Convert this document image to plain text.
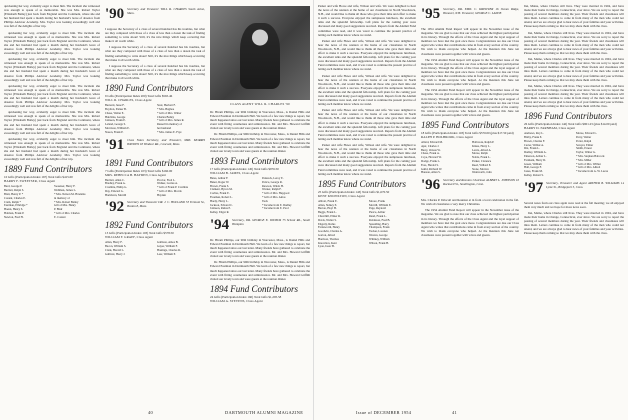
quickening her way, evidently eager to meet him. The incident she witnessed was enough to speak of as memorable. She was Mrs. Robert Taylor (Elizabeth Bailey) just back from England and the Continent, where she and her husband had spent a month during her husband's leave of absence from Phillips Andover Academy. Mrs. Taylor was looking exceedingly well and was full of the delights of her trip.

quickening her way, evidently eager to meet him. The incident she witnessed was enough to speak of as memorable. She was Mrs. Robert Taylor (Elizabeth Bailey) just back from England and the Continent, where she and her husband had spent a month during her husband's leave of absence from Phillips Andover Academy. Mrs. Taylor was looking exceedingly well and was full of the delights of her trip.

quickening her way, evidently eager to meet him. The incident she witnessed was enough to speak of as memorable. She was Mrs. Robert Taylor (Elizabeth Bailey) just back from England and the Continent, where she and her husband had spent a month during her husband's leave of absence from Phillips Andover Academy. Mrs. Taylor was looking exceedingly well and was full of the delights of her trip.

quickening her way, evidently eager to meet him. The incident she witnessed was enough to speak of as memorable. She was Mrs. Robert Taylor (Elizabeth Bailey) just back from England and the Continent, where she and her husband had spent a month during her husband's leave of absence from Phillips Andover Academy. Mrs. Taylor was looking exceedingly well and was full of the delights of her trip.

quickening her way, evidently eager to meet him. The incident she witnessed was enough to speak of as memorable. She was Mrs. Robert Taylor (Elizabeth Bailey) just back from England and the Continent, where she and her husband had spent a month during her husband's leave of absence from Phillips Andover Academy. Mrs. Taylor was looking exceedingly well and was full of the delights of her trip.

quickening her way, evidently eager to meet him. The incident she witnessed was enough to speak of as memorable. She was Mrs. Robert Taylor (Elizabeth Bailey) just back from England and the Continent, where she and her husband had spent a month during her husband's leave of absence from Phillips Andover Academy. Mrs. Taylor was looking exceedingly well and was full of the delights of her trip.

1889 Fund Contributors
10 Gifts (Participation Index 167) Total Gifts $415.00
HARRY F. SWEETSER, Class Agent
Bard, George P.
Bartlett, Ralph S.
Blair, Henry P. *
Conant, Charles E.
Cram, Ralph *
Eastman, Elbridge *
Hazen, Henry S.
Holman, Frank P.
Newton, Fred H.
Sweetser, Harry F.
Wellman, James L.
* Mrs. Nelson M. Hawkins
in memory of
* Mrs. Robert Bailey
Gift of Mrs. Henry
P. Blair
* Gift of Mrs. Charles
E. Conant
'90 Secretary and Treasurer WILL R. CHARLES South Acton, Mass.

I suppose the Secretary of a class of several hundred has his troubles, but what are they compared with those of a class of less than a dozen the task of finding something to write about! Still, it's the nice things which keep occurring that make it all worth while.

I suppose the Secretary of a class of several hundred has his troubles, but what are they compared with those of a class of less than a dozen the task of finding something to write about! Still, it's the nice things which keep occurring that make it all worth while.

I suppose the Secretary of a class of several hundred has his troubles, but what are they compared with those of a class of less than a dozen the task of finding something to write about! Still, it's the nice things which keep occurring that make it all worth while.

1890 Fund Contributors
9 Gifts (Participation Index 200) Total Gifts $565.46
WILL R. CHARLES, Class Agent
Bernard, Jesse F.
Boylton, Parker B.
Chase, Walter E.
Hutchins, George
Johnson, Frank E.
Leland, George S.
Morrison, William E.
Nason, Frank P.
Starr, Herbert F.
* Mrs. Bugbee
* Gift of Mrs. Walter
Charles Bailey
* Gift of Mrs. James R.
Russell in memory of
her husband
* Mrs. James E. Frye
'91 Class Notes Secretary, and Treasurer, MRS. MORRIS HAYDEN 18 Windsor Rd., Concord, Mass.
1891 Fund Contributors
7 Gifts (Participation Index 103) Total Gifts $160.00
MRS. REBECCA B. HAYDEN, Class Agent
Bartlett, Allen C.
Bradley, Frank A.
Crombie, Philip G.
Day, Edward G.
Hartshorn, Merrill
Proctor, Fred L.
Walker, Lucius A.
* Gift of Frank P. Crombie
* Gift of Mrs. Morris
Hayden
'92 Secretary and Treasurer DR. J. C. HOLLAND 53 Tremont St., Boston 8, Mass.
1892 Fund Contributors
13 Gifts (Participation Index 103) Total Gifts $578.50
WILLIAM F. GRAEF, Class Agent
Allen, Harry F.
Bacon, William S.
Clark, Harold L.
Gulliver, Harry J.
Gallison, Amos B.
Guyer, William F.
Hastings, Charles R.
Lear, William P.
CLASS AGENT WILL R. CHARLES '90

Dr. Hiram Phillips, our 90th birthday in Worcester, Mass., is Daniel Hills and Edward Eastman in Dartmouth Hall. We learn of a few new things to report, but much happened since our last letter. Many friends have gathered to celebrate the event with fitting ceremonies and reminiscence. Mr. and Mrs. Howard Griffith visited our lovely town and were guests at the reunion dinner.

Dr. Hiram Phillips, our 90th birthday in Worcester, Mass., is Daniel Hills and Edward Eastman in Dartmouth Hall. We learn of a few new things to report, but much happened since our last letter. Many friends have gathered to celebrate the event with fitting ceremonies and reminiscence. Mr. and Mrs. Howard Griffith visited our lovely town and were guests at the reunion dinner.

1893 Fund Contributors
17 Gifts (Participation Index 145) Total Gifts $976.50
WILLIAM B. JAMES, Class Agent
Bates, Arthur F.
Baker, Roger W.
Brown, Frank S.
Clement, Byron M.
Corliss, Frank E.
Freeman, Robert L.
Hardy, Harry L.
Jackson, Edward C.
Johnson, Rufus P.
Kelley, Edgar R.
Pennock, Leroy E.
Peirce, George R.
Rawson, Waldo H.
Warner, Ralph F.
* Gift of Mrs. Hapgood
* Gift of Mrs. Amos
Tuck
* Income from E. Dudley
* Income from E. Prod
'94 Secretary, DR. GEORGE E. WILBUR 75 School Rd., South Hampton

Dr. Hiram Phillips, our 90th birthday in Worcester, Mass., is Daniel Hills and Edward Eastman in Dartmouth Hall. We learn of a few new things to report, but much happened since our last letter. Many friends have gathered to celebrate the event with fitting ceremonies and reminiscence. Mr. and Mrs. Howard Griffith visited our lovely town and were guests at the reunion dinner.

Dr. Hiram Phillips, our 90th birthday in Worcester, Mass., is Daniel Hills and Edward Eastman in Dartmouth Hall. We learn of a few new things to report, but much happened since our last letter. Many friends have gathered to celebrate the event with fitting ceremonies and reminiscence. Mr. and Mrs. Howard Griffith visited our lovely town and were guests at the reunion dinner.

1894 Fund Contributors
24 Gifts (Participation Index 160) Total Gifts $1,295.58
WILLIAM A. STEVENS, Class Agent

Parker and wife Howe and wife, Wilson and wife. We were delighted to hear the news of the reunion at the home of our classmates in North Woodstock, N.H., and would like to thank all those who gave their time and effort to make it such a success. Everyone enjoyed the sumptuous luncheon, the excellent talks and the splendid fellowship. Gift plans for the coming year were discussed and many good suggestions received. Reports from the Alumni Fund committee were read, and it was voted to continue the present practice of letting each member know where we stand.

Parker and wife Howe and wife, Wilson and wife. We were delighted to hear the news of the reunion at the home of our classmates in North Woodstock, N.H., and would like to thank all those who gave their time and effort to make it such a success. Everyone enjoyed the sumptuous luncheon, the excellent talks and the splendid fellowship. Gift plans for the coming year were discussed and many good suggestions received. Reports from the Alumni Fund committee were read, and it was voted to continue the present practice of letting each member know where we stand.

Parker and wife Howe and wife, Wilson and wife. We were delighted to hear the news of the reunion at the home of our classmates in North Woodstock, N.H., and would like to thank all those who gave their time and effort to make it such a success. Everyone enjoyed the sumptuous luncheon, the excellent talks and the splendid fellowship. Gift plans for the coming year were discussed and many good suggestions received. Reports from the Alumni Fund committee were read, and it was voted to continue the present practice of letting each member know where we stand.

Parker and wife Howe and wife, Wilson and wife. We were delighted to hear the news of the reunion at the home of our classmates in North Woodstock, N.H., and would like to thank all those who gave their time and effort to make it such a success. Everyone enjoyed the sumptuous luncheon, the excellent talks and the splendid fellowship. Gift plans for the coming year were discussed and many good suggestions received. Reports from the Alumni Fund committee were read, and it was voted to continue the present practice of letting each member know where we stand.

Parker and wife Howe and wife, Wilson and wife. We were delighted to hear the news of the reunion at the home of our classmates in North Woodstock, N.H., and would like to thank all those who gave their time and effort to make it such a success. Everyone enjoyed the sumptuous luncheon, the excellent talks and the splendid fellowship. Gift plans for the coming year were discussed and many good suggestions received. Reports from the Alumni Fund committee were read, and it was voted to continue the present practice of letting each member know where we stand.

1895 Fund Contributors
25 Gifts (Participation Index 143) Total Gifts $1,670.50
KENT KNOWLTON, Class Agent
Abbott, Frank E.
Allen, Sidney E.
Barton, Hoyt H.
Beggs, Frank L.
Churchill, Elmer R.
Davis, Walter S.
Edgerly, Rufus
Farnsworth, Henry
Goodwin, Charles A.
Gorton, Alfred
Harrison, Thomas
Knowlton, Kent
Lyon, Isaac B.
Moore, Frank
Morrill, William E.
Page, Reynold
Pierce, Arthur
Rand, Frank L.
Robinson, Fred B.
Spaulding, Harry
Thompson, Frank
Tucker, Lorenzo
Weston, George
Whitney, William
Wilson, Frank H.
'95 Secretary, DR. EMIL C. KREITZER 16 Ocean Ridge, Hanover, N.H. Treasurer, GEORGE C. LANDE

The 1954 Alumni Fund Report will appear in the November issue of the magazine. We are glad to note that our class achieved the highest participation in its history. Through the efforts of the Class Agent and the loyal support of members we have met the goal once more. Congratulations are due our Class Agent who writes that contributions came in from every section of the country. We wish to thank everyone who helped. At the Reunion this June ten classmates were present together with wives and guests.

The 1954 Alumni Fund Report will appear in the November issue of the magazine. We are glad to note that our class achieved the highest participation in its history. Through the efforts of the Class Agent and the loyal support of members we have met the goal once more. Congratulations are due our Class Agent who writes that contributions came in from every section of the country. We wish to thank everyone who helped. At the Reunion this June ten classmates were present together with wives and guests.

The 1954 Alumni Fund Report will appear in the November issue of the magazine. We are glad to note that our class achieved the highest participation in its history. Through the efforts of the Class Agent and the loyal support of members we have met the goal once more. Congratulations are due our Class Agent who writes that contributions came in from every section of the country. We wish to thank everyone who helped. At the Reunion this June ten classmates were present together with wives and guests.

1895 Fund Contributors
18 Gifts (Participation Index 118) Total Gifts $570.00 (plus $17.50 paid)
RALPH P. HOLBROOK, Class Agent
Allard, Edward M.
Ayer, Charles J.
Barry, Orison W.
Chase, Frank A.
Coye, Howard W.
Dodge, Frank L.
Foss, Harold S.
Guild, Richard W.
Hanson, Allen S.
Holbrook, Ralph P.
Kinne, Harry L.
Lewis, Alfred A.
Morse, Ralph
Noble, Frank L.
Parker, Clarence
Reed, Willard E.
Stone, Morton
Wentworth, John
'96 Secretary and Reunion Chairman ALBERT L. JOHNSON 10 Rockwell St., Southington, Conn.

Mrs. Charles P. Driscoll and Reunion at in from a local celebration in the fall. We wish all classmates a very merry Christmas.

The 1954 Alumni Fund Report will appear in the November issue of the magazine. We are glad to note that our class achieved the highest participation in its history. Through the efforts of the Class Agent and the loyal support of members we have met the goal once more. Congratulations are due our Class Agent who writes that contributions came in from every section of the country. We wish to thank everyone who helped. At the Reunion this June ten classmates were present together with wives and guests.

Inn, Maine, where Charles still lives. They were married in 1904, and have made their home in Orange, Connecticut, ever since. We are sorry to report the passing of several members during the year. Their friends and classmates will miss them. Letters continue to come in from many of the men who could not attend, and we are always glad to hear news of your families and your activities. Please keep them coming so that we may share them with the class.

Inn, Maine, where Charles still lives. They were married in 1904, and have made their home in Orange, Connecticut, ever since. We are sorry to report the passing of several members during the year. Their friends and classmates will miss them. Letters continue to come in from many of the men who could not attend, and we are always glad to hear news of your families and your activities. Please keep them coming so that we may share them with the class.

Inn, Maine, where Charles still lives. They were married in 1904, and have made their home in Orange, Connecticut, ever since. We are sorry to report the passing of several members during the year. Their friends and classmates will miss them. Letters continue to come in from many of the men who could not attend, and we are always glad to hear news of your families and your activities. Please keep them coming so that we may share them with the class.

Inn, Maine, where Charles still lives. They were married in 1904, and have made their home in Orange, Connecticut, ever since. We are sorry to report the passing of several members during the year. Their friends and classmates will miss them. Letters continue to come in from many of the men who could not attend, and we are always glad to hear news of your families and your activities. Please keep them coming so that we may share them with the class.

1896 Fund Contributors
26 Gifts (Participation Index 142) Total Gifts $901.23 (plus $14.00 paid)
HARRY D. FARNHAM, Class Agent
Andrews, Roy L.
Bixby, Frank E.
Brown, Charles F.
Carter, Wilbur A.
Dix, Frank L.
Dudley, William A.
Emerson, Arthur L.
Farnham, Harry D.
Green, William
Hall, George F.
Jones, Frank M.
Kelley, Robert S.
Morse, Edward L.
Perry, Walter
Potter, Ralph
Sawyer, Elmer
Smith, Ernest
Taylor, Walter G.
* Mrs. Stephen Babcock
* Mrs. Miller
* Gift of Mrs. Wilbur
* Gift of Mrs. Alfred
* Income from A. W. Lucas
'97 Secretary, Treasurer and Agent ARTHUR B. WILLIAMS 14 Lyme St., Bridgeport 5, Conn.

Several notes from our class agent were read at the fall meeting; we all enjoyed them very much and we hope for more news soon.

Inn, Maine, where Charles still lives. They were married in 1904, and have made their home in Orange, Connecticut, ever since. We are sorry to report the passing of several members during the year. Their friends and classmates will miss them. Letters continue to come in from many of the men who could not attend, and we are always glad to hear news of your families and your activities. Please keep them coming so that we may share them with the class.

40	DARTMOUTH ALUMNI MAGAZINE	Issue of DECEMBER 1954	41
